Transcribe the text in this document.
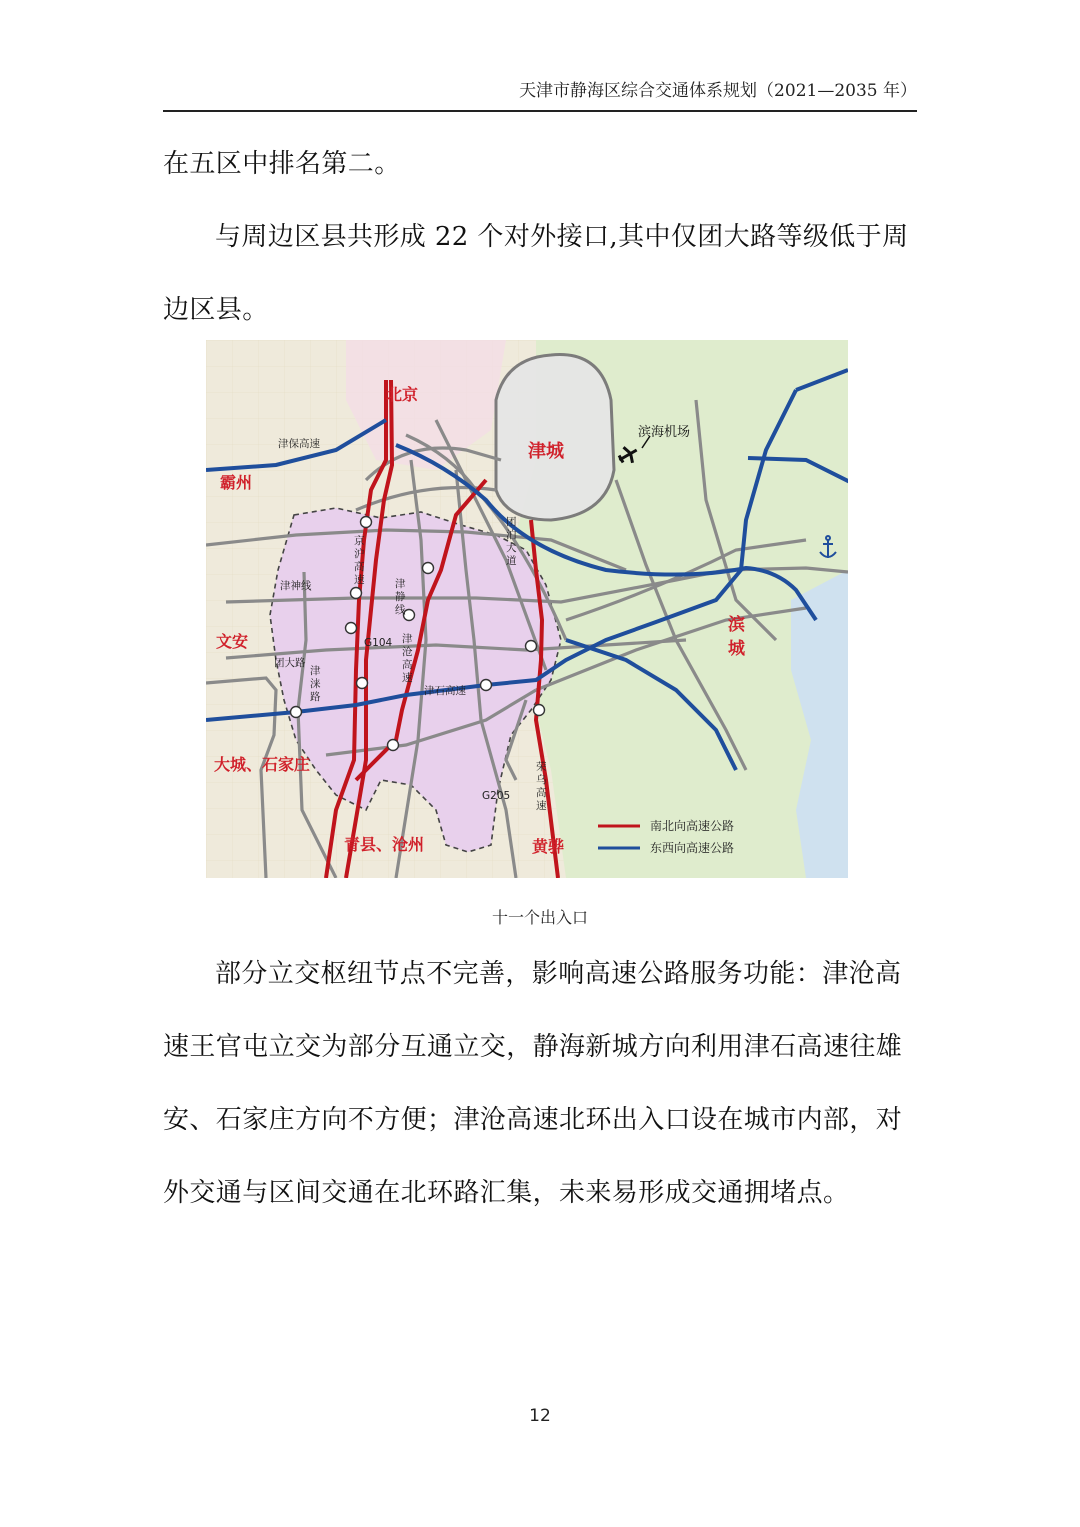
天津市静海区综合交通体系规划（2021—2035 年）

在五区中排名第二。

与周边区县共形成 22 个对外接口,其中仅团大路等级低于周边区县。

北京
霸州
津城
文安
大城、石家庄
青县、沧州	黄骅
滨
城
津保高速
津神线
G104
团大路
津石高速
G205
京
沪
高
速	津
静
线
津
沧
高
速
津
涞
路
团
泊
大
道
荣
乌
高
速
滨海机场
南北向高速公路
东西向高速公路
十一个出入口

部分立交枢纽节点不完善，影响高速公路服务功能：津沧高速王官屯立交为部分互通立交，静海新城方向利用津石高速往雄安、石家庄方向不方便；津沧高速北环出入口设在城市内部，对外交通与区间交通在北环路汇集，未来易形成交通拥堵点。

12
